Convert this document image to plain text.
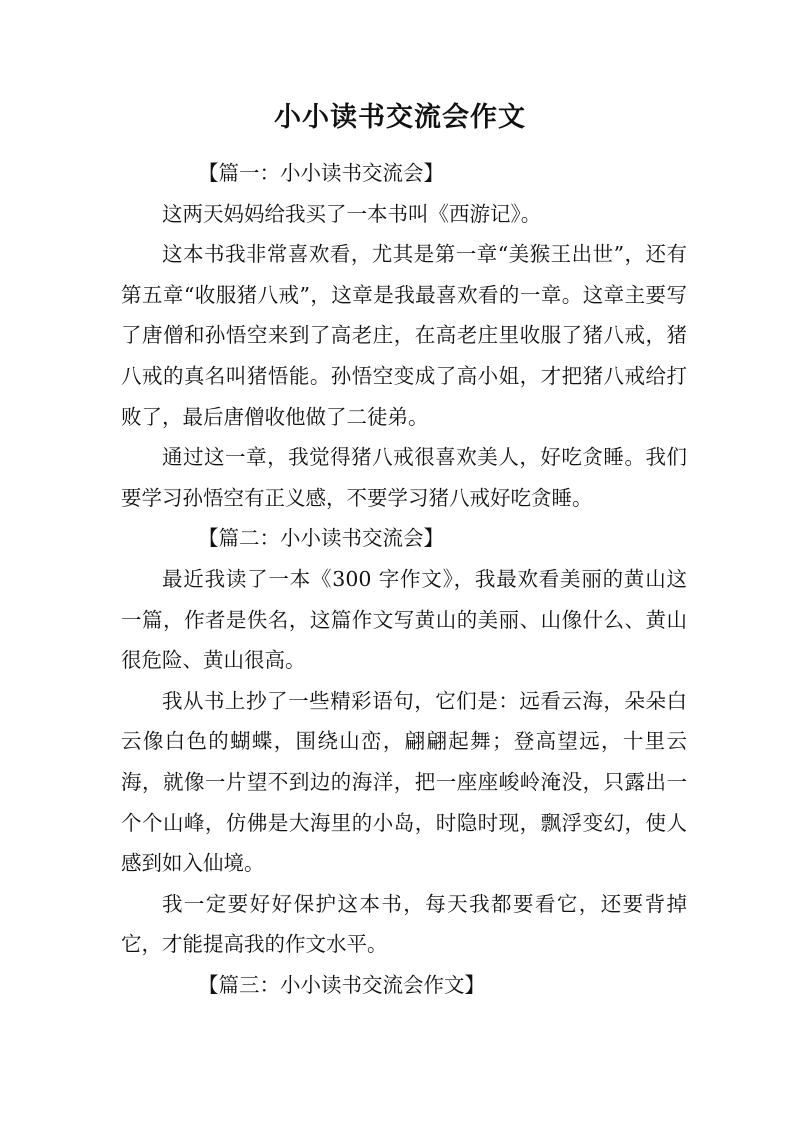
小小读书交流会作文

【篇一：小小读书交流会】

这两天妈妈给我买了一本书叫《西游记》。

这本书我非常喜欢看，尤其是第一章“美猴王出世”，还有第五章“收服猪八戒”，这章是我最喜欢看的一章。这章主要写了唐僧和孙悟空来到了高老庄，在高老庄里收服了猪八戒，猪八戒的真名叫猪悟能。孙悟空变成了高小姐，才把猪八戒给打败了，最后唐僧收他做了二徒弟。

通过这一章，我觉得猪八戒很喜欢美人，好吃贪睡。我们要学习孙悟空有正义感，不要学习猪八戒好吃贪睡。

【篇二：小小读书交流会】

最近我读了一本《300 字作文》，我最欢看美丽的黄山这一篇，作者是佚名，这篇作文写黄山的美丽、山像什么、黄山很危险、黄山很高。

我从书上抄了一些精彩语句，它们是：远看云海，朵朵白云像白色的蝴蝶，围绕山峦，翩翩起舞；登高望远，十里云海，就像一片望不到边的海洋，把一座座峻岭淹没，只露出一个个山峰，仿佛是大海里的小岛，时隐时现，飘浮变幻，使人感到如入仙境。

我一定要好好保护这本书，每天我都要看它，还要背掉它，才能提高我的作文水平。

【篇三：小小读书交流会作文】
